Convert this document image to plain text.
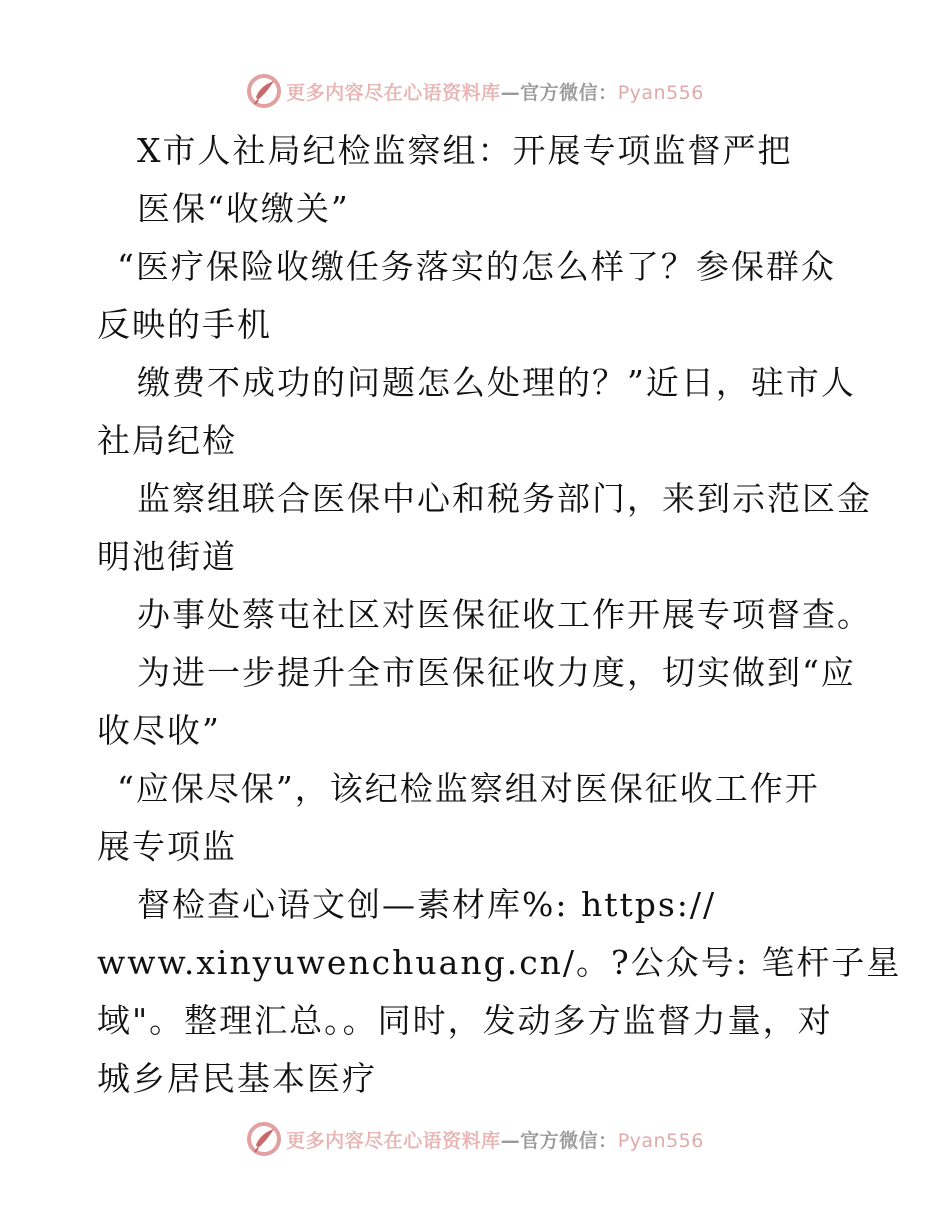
更多内容尽在心语资料库—官方微信：Pyan556
X市人社局纪检监察组：开展专项监督严把
医保“收缴关”
“医疗保险收缴任务落实的怎么样了？参保群众
反映的手机
缴费不成功的问题怎么处理的？”近日，驻市人
社局纪检
监察组联合医保中心和税务部门，来到示范区金
明池街道
办事处蔡屯社区对医保征收工作开展专项督查。
为进一步提升全市医保征收力度，切实做到“应
收尽收”
“应保尽保”，该纪检监察组对医保征收工作开
展专项监
督检查心语文创—素材库%: https://
www.xinyuwenchuang.cn/。?公众号: 笔杆子星
域"。整理汇总。。同时，发动多方监督力量，对
城乡居民基本医疗
更多内容尽在心语资料库—官方微信：Pyan556
